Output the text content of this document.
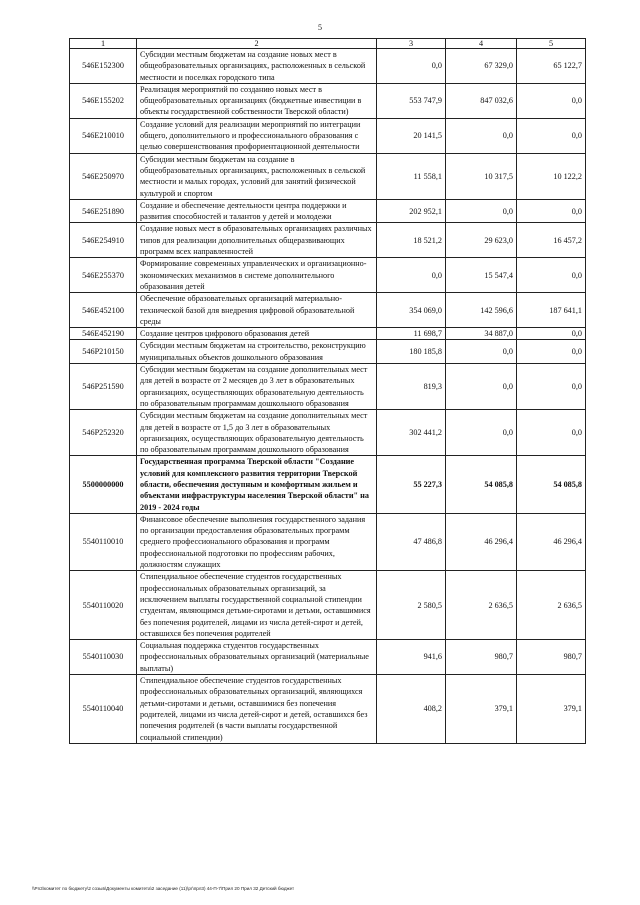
5
1	2	3	4	5
546E152300	Субсидии местным бюджетам на создание новых мест в общеобразовательных организациях, расположенных в сельской местности и поселках городского типа	0,0	67 329,0	65 122,7
546E155202	Реализация мероприятий по созданию новых мест в общеобразовательных организациях (бюджетные инвестиции в объекты государственной собственности Тверской области)	553 747,9	847 032,6	0,0
546E210010	Создание условий для реализации мероприятий по интеграции общего, дополнительного и профессионального образования с целью совершенствования профориентационной деятельности	20 141,5	0,0	0,0
546E250970	Субсидии местным бюджетам на создание в общеобразовательных организациях, расположенных в сельской местности и малых городах, условий для занятий физической культурой и спортом	11 558,1	10 317,5	10 122,2
546E251890	Создание и обеспечение деятельности центра поддержки и развития способностей и талантов у детей и молодежи	202 952,1	0,0	0,0
546E254910	Создание новых мест в образовательных организациях различных типов для реализации дополнительных общеразвивающих программ всех направленностей	18 521,2	29 623,0	16 457,2
546E255370	Формирование современных управленческих и организационно-экономических механизмов в системе дополнительного образования детей	0,0	15 547,4	0,0
546E452100	Обеспечение образовательных организаций материально-технической базой для внедрения цифровой образовательной среды	354 069,0	142 596,6	187 641,1
546E452190	Создание центров цифрового образования детей	11 698,7	34 887,0	0,0
546P210150	Субсидии местным бюджетам на строительство, реконструкцию муниципальных объектов дошкольного образования	180 185,8	0,0	0,0
546P251590	Субсидии местным бюджетам на создание дополнительных мест для детей в возрасте от 2 месяцев до 3 лет в образовательных организациях, осуществляющих образовательную деятельность по образовательным программам дошкольного образования	819,3	0,0	0,0
546P252320	Субсидии местным бюджетам на создание дополнительных мест для детей в возрасте от 1,5 до 3 лет в образовательных организациях, осуществляющих образовательную деятельность по образовательным программам дошкольного образования	302 441,2	0,0	0,0
5500000000	Государственная программа Тверской области "Создание условий для комплексного развития территории Тверской области, обеспечения доступным и комфортным жильем и объектами инфраструктуры населения Тверской области" на 2019 - 2024 годы	55 227,3	54 085,8	54 085,8
5540110010	Финансовое обеспечение выполнения государственного задания по организации предоставления образовательных программ среднего профессионального образования и программ профессиональной подготовки по профессиям рабочих, должностям служащих	47 486,8	46 296,4	46 296,4
5540110020	Стипендиальное обеспечение студентов государственных профессиональных образовательных организаций, за исключением выплаты государственной социальной стипендии студентам, являющимся детьми-сиротами и детьми, оставшимися без попечения родителей, лицами из числа детей-сирот и детей, оставшихся без попечения родителей	2 580,5	2 636,5	2 636,5
5540110030	Социальная поддержка студентов государственных профессиональных образовательных организаций (материальные выплаты)	941,6	980,7	980,7
5540110040	Стипендиальное обеспечение студентов государственных профессиональных образовательных организаций, являющихся детьми-сиротами и детьми, оставшимися без попечения родителей, лицами из числа детей-сирот и детей, оставшихся без попечения родителей (в части выплаты государственной социальной стипендии)	408,2	379,1	379,1
\\Pn3\комитет по бюджету\2 созыв\Документы комитета\2 заседание (11)\рг\прл3) 44-П-7\Прил 20 Прил 32 Детский бюджет
